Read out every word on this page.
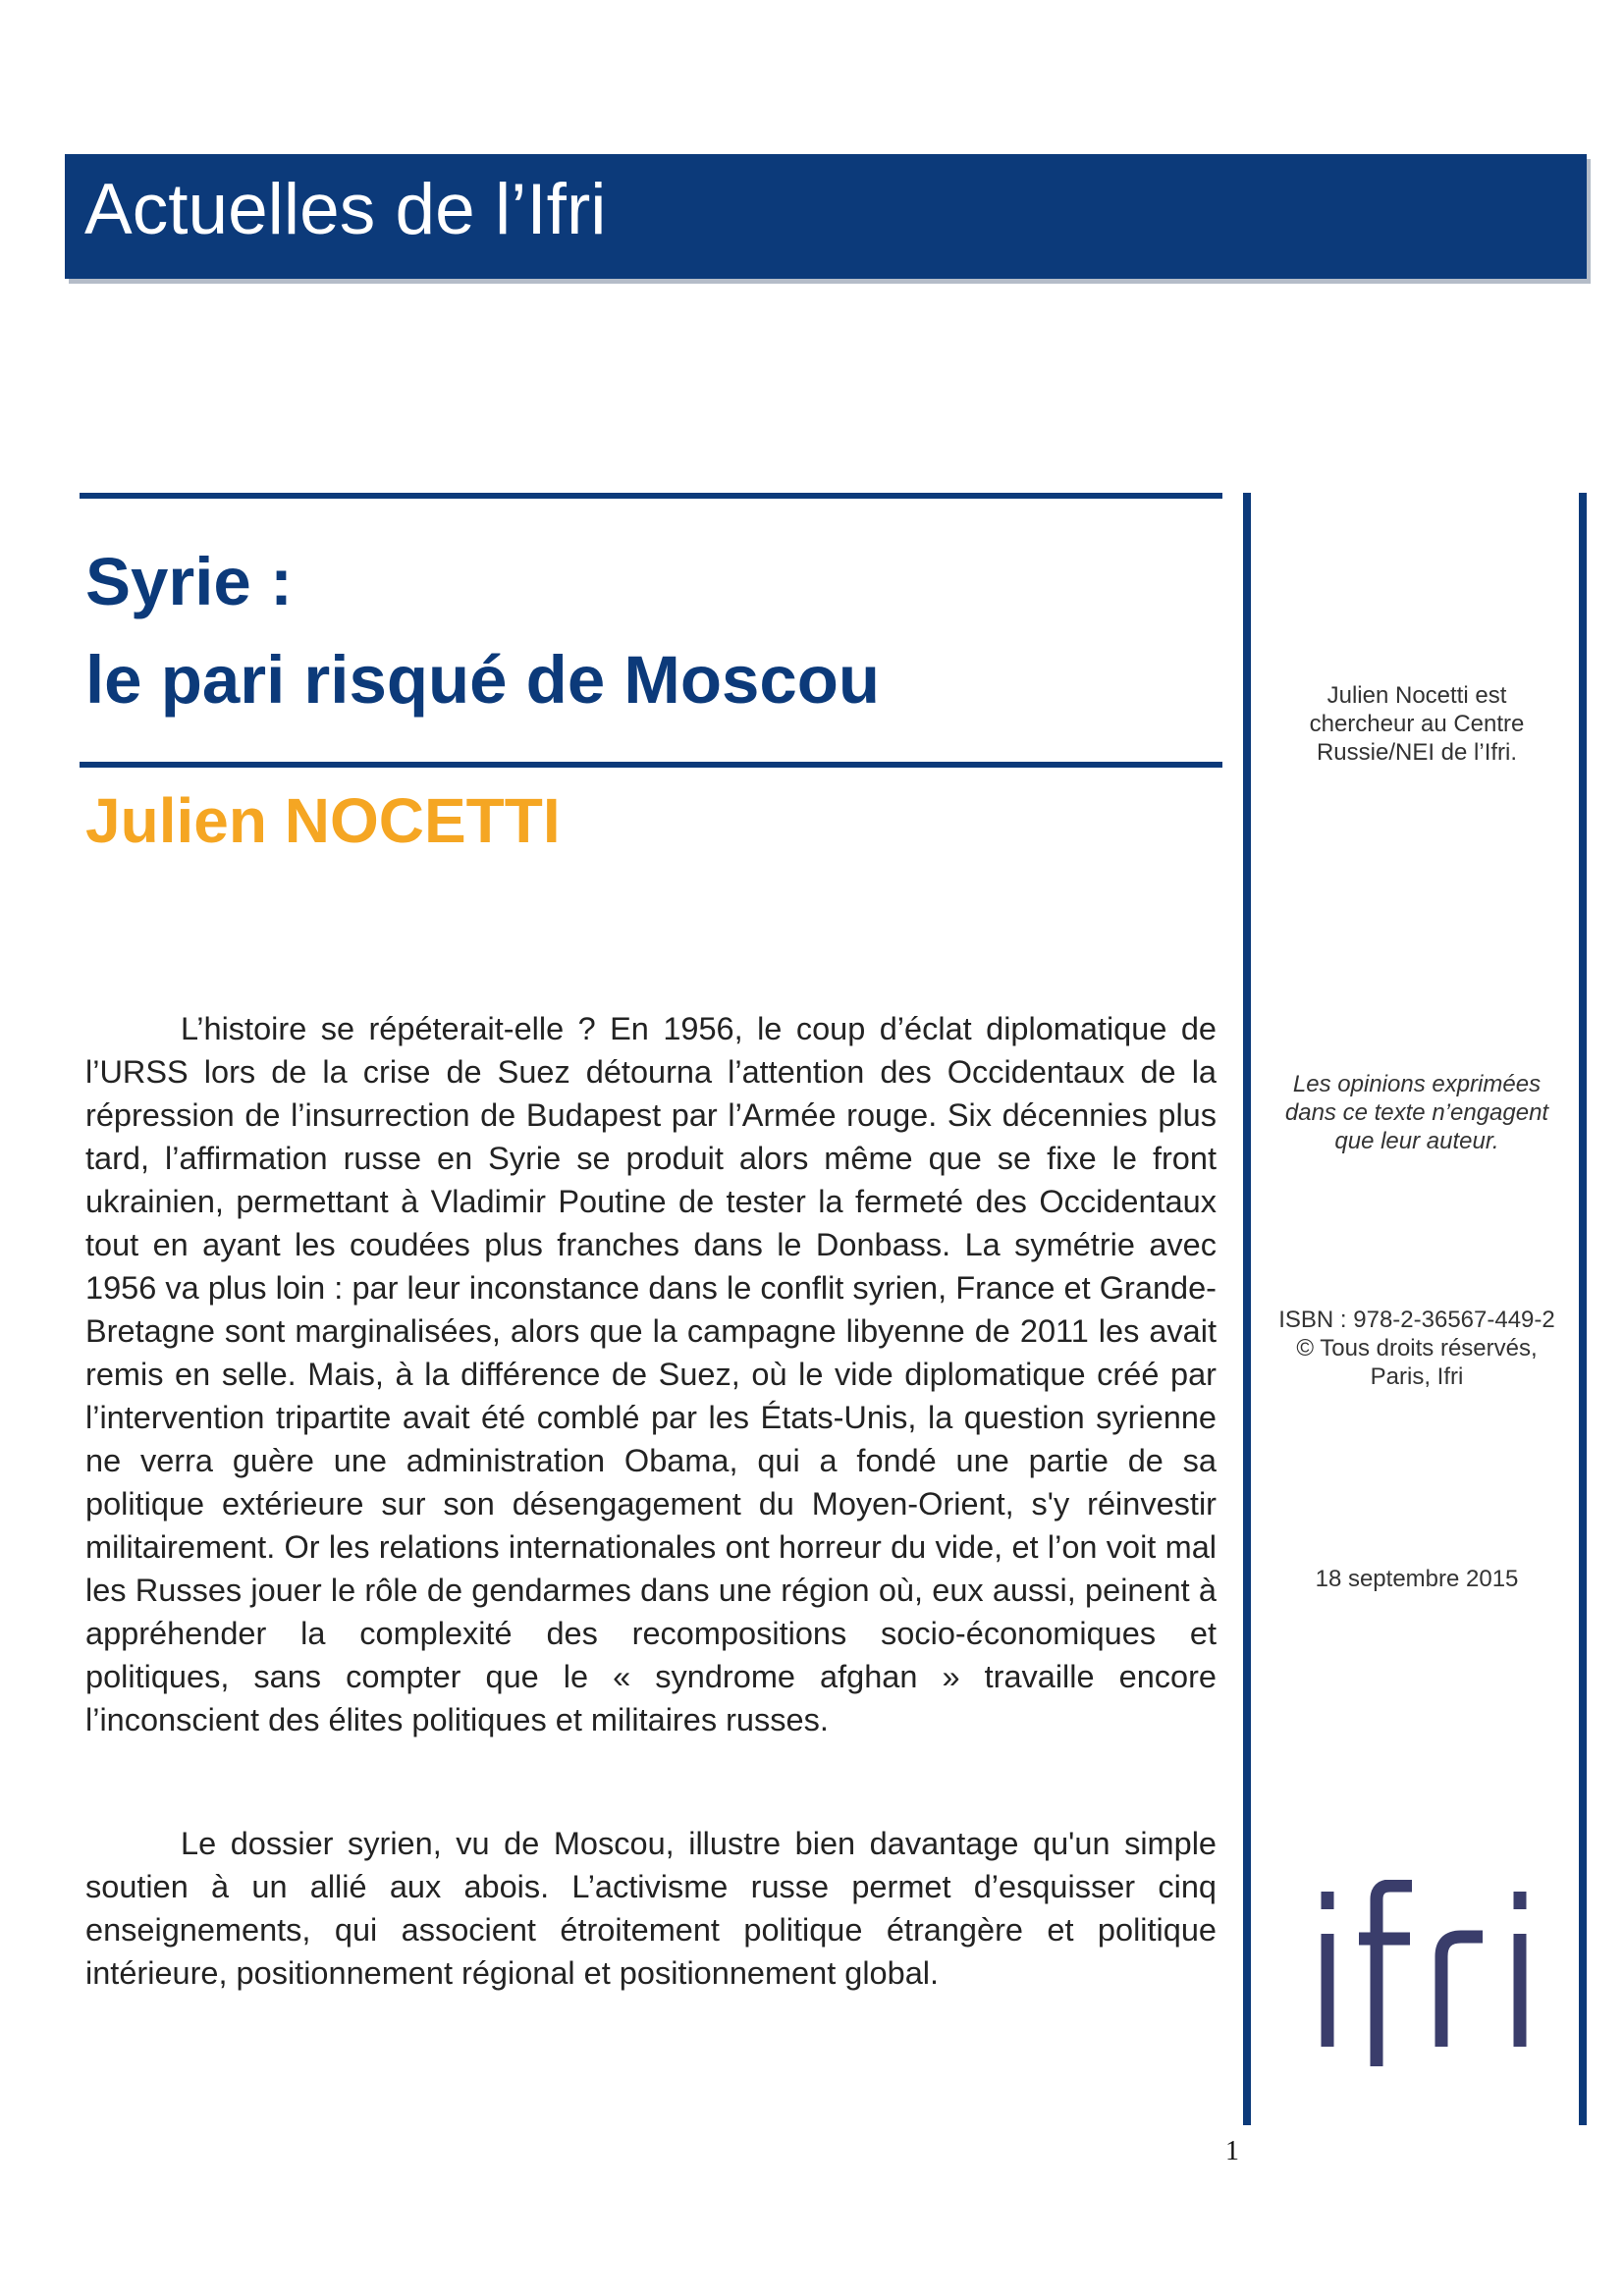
Actuelles de l’Ifri
Syrie :
le pari risqué de Moscou
Julien NOCETTI

L’histoire se répéterait-elle ? En 1956, le coup d’éclat diplomatique de l’URSS lors de la crise de Suez détourna l’attention des Occidentaux de la répression de l’insurrection de Budapest par l’Armée rouge. Six décennies plus tard, l’affirmation russe en Syrie se produit alors même que se fixe le front ukrainien, permettant à Vladimir Poutine de tester la fermeté des Occidentaux tout en ayant les coudées plus franches dans le Donbass. La symétrie avec 1956 va plus loin : par leur inconstance dans le conflit syrien, France et Grande-Bretagne sont marginalisées, alors que la campagne libyenne de 2011 les avait remis en selle. Mais, à la différence de Suez, où le vide diplomatique créé par l’intervention tripartite avait été comblé par les États-Unis, la question syrienne ne verra guère une administration Obama, qui a fondé une partie de sa politique extérieure sur son désengagement du Moyen-Orient, s'y réinvestir militairement. Or les relations internationales ont horreur du vide, et l’on voit mal les Russes jouer le rôle de gendarmes dans une région où, eux aussi, peinent à appréhender la complexité des recompositions socio-économiques et politiques, sans compter que le « syndrome afghan » travaille encore l’inconscient des élites politiques et militaires russes.

Le dossier syrien, vu de Moscou, illustre bien davantage qu'un simple soutien à un allié aux abois. L’activisme russe permet d’esquisser cinq enseignements, qui associent étroitement politique étrangère et politique intérieure, positionnement régional et positionnement global.

Julien Nocetti est
chercheur au Centre
Russie/NEI de l’Ifri.
Les opinions exprimées
dans ce texte n’engagent
que leur auteur.
ISBN : 978-2-36567-449-2
© Tous droits réservés,
Paris, Ifri
18 septembre 2015
1
